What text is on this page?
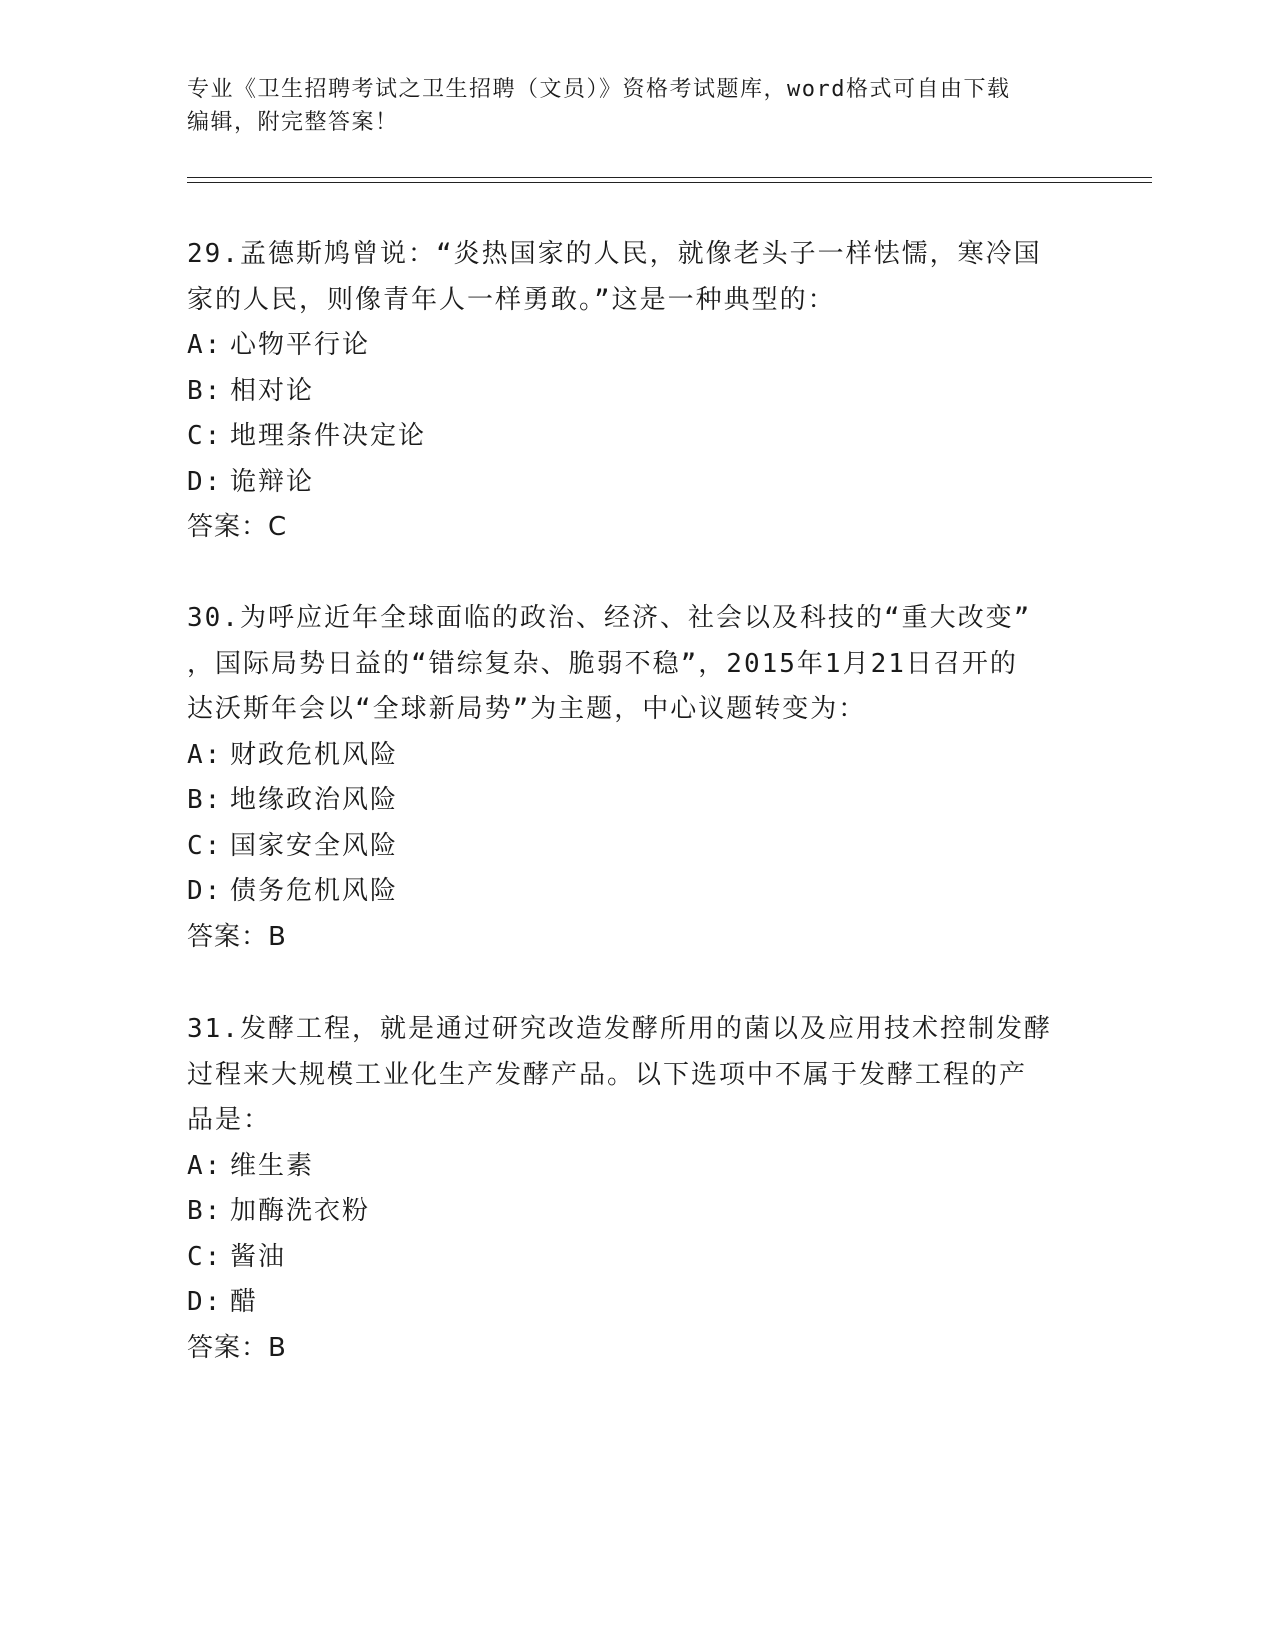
专业《卫生招聘考试之卫生招聘（文员）》资格考试题库，word格式可自由下载
编辑，附完整答案！

29.孟德斯鸠曾说：“炎热国家的人民，就像老头子一样怯懦，寒冷国

家的人民，则像青年人一样勇敢。”这是一种典型的：

A: 心物平行论

B: 相对论

C: 地理条件决定论

D: 诡辩论

答案：C

30.为呼应近年全球面临的政治、经济、社会以及科技的“重大改变”

，国际局势日益的“错综复杂、脆弱不稳”，2015年1月21日召开的

达沃斯年会以“全球新局势”为主题，中心议题转变为：

A: 财政危机风险

B: 地缘政治风险

C: 国家安全风险

D: 债务危机风险

答案：B

31.发酵工程，就是通过研究改造发酵所用的菌以及应用技术控制发酵

过程来大规模工业化生产发酵产品。以下选项中不属于发酵工程的产

品是：

A: 维生素

B: 加酶洗衣粉

C: 酱油

D: 醋

答案：B
